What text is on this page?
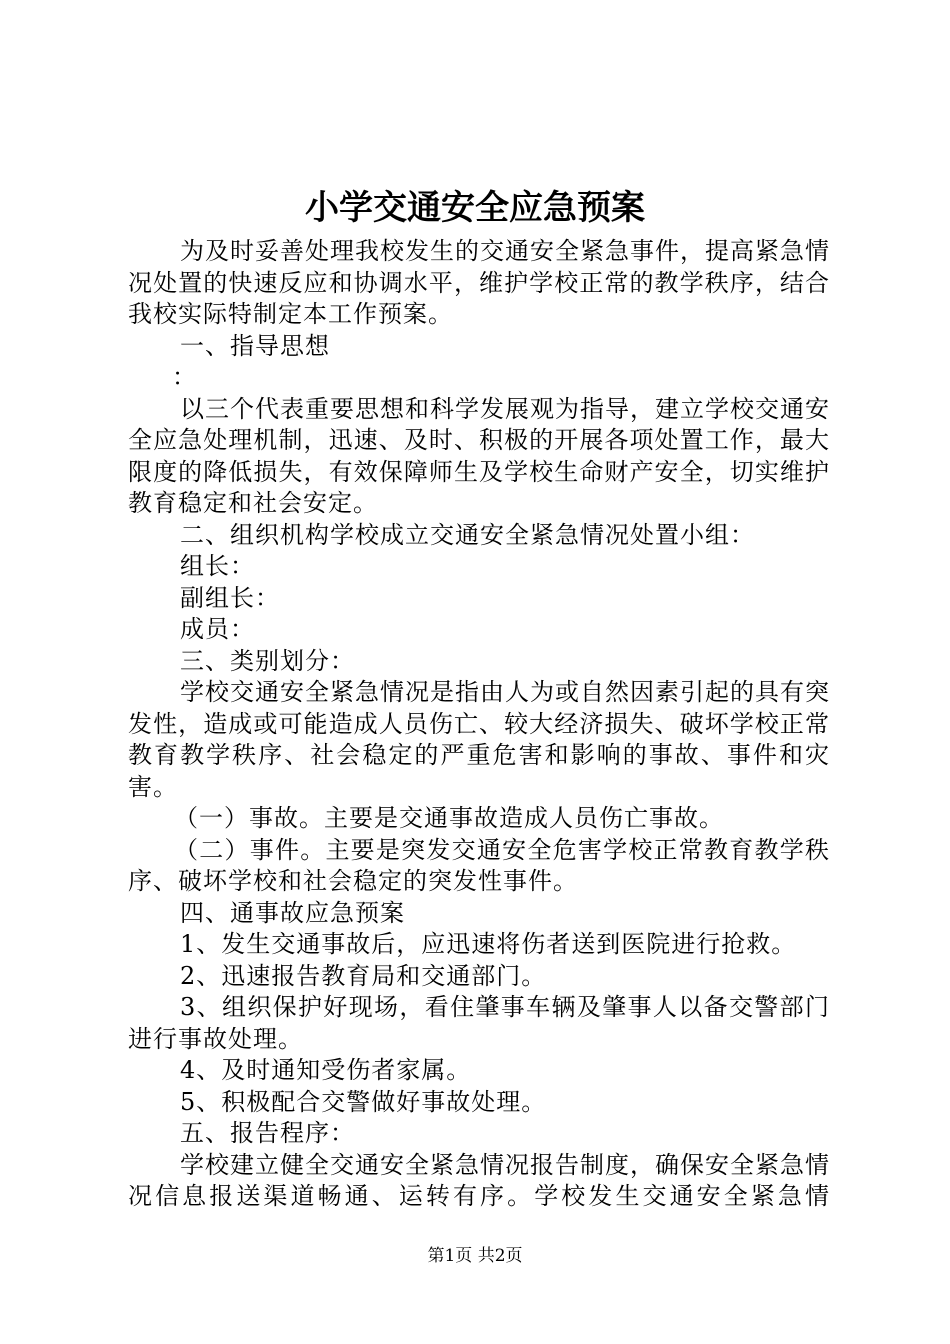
小学交通安全应急预案

为及时妥善处理我校发生的交通安全紧急事件，提高紧急情况处置的快速反应和协调水平，维护学校正常的教学秩序，结合我校实际特制定本工作预案。

一、指导思想

：

以三个代表重要思想和科学发展观为指导，建立学校交通安全应急处理机制，迅速、及时、积极的开展各项处置工作，最大限度的降低损失，有效保障师生及学校生命财产安全，切实维护教育稳定和社会安定。

二、组织机构学校成立交通安全紧急情况处置小组：

组长：

副组长：

成员：

三、类别划分：

学校交通安全紧急情况是指由人为或自然因素引起的具有突发性，造成或可能造成人员伤亡、较大经济损失、破坏学校正常教育教学秩序、社会稳定的严重危害和影响的事故、事件和灾害。

（一）事故。主要是交通事故造成人员伤亡事故。

（二）事件。主要是突发交通安全危害学校正常教育教学秩序、破坏学校和社会稳定的突发性事件。

四、通事故应急预案

1、发生交通事故后，应迅速将伤者送到医院进行抢救。

2、迅速报告教育局和交通部门。

3、组织保护好现场，看住肇事车辆及肇事人以备交警部门进行事故处理。

4、及时通知受伤者家属。

5、积极配合交警做好事故处理。

五、报告程序：

学校建立健全交通安全紧急情况报告制度，确保安全紧急情况信息报送渠道畅通、运转有序。学校发生交通安全紧急情

第1页 共2页
